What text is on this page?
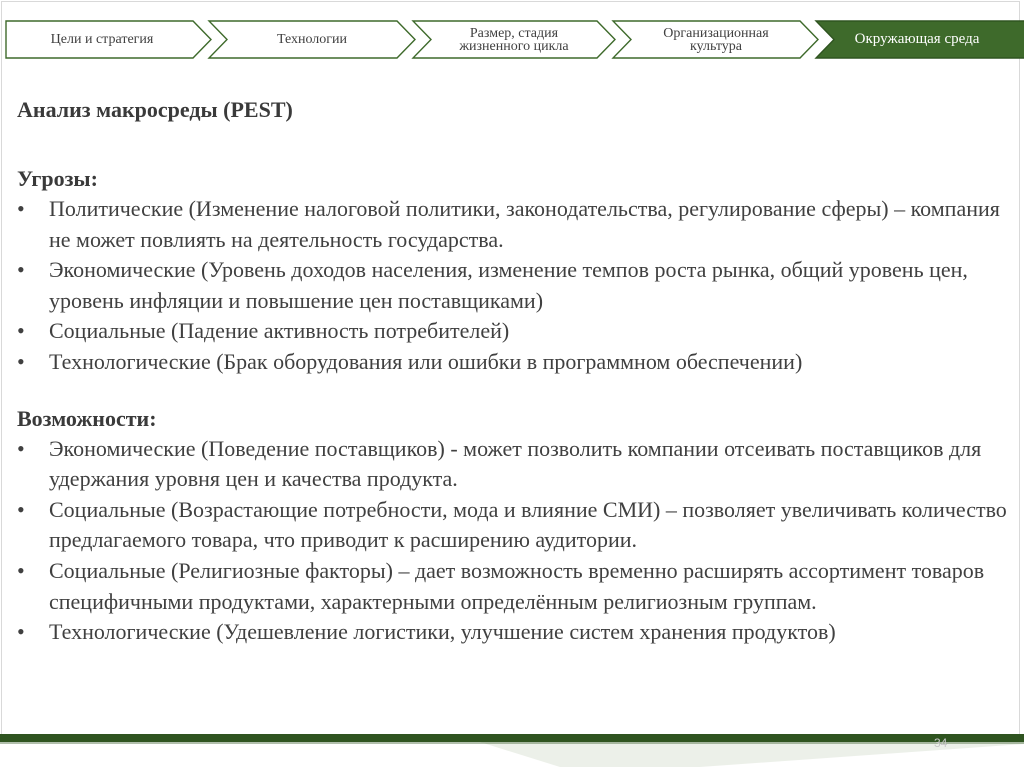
Цели и стратегия	Технологии	Размер, стадия
жизненного цикла
Организационная
культура	Окружающая среда
Анализ макросреды (PEST)
Угрозы:
•	Политические (Изменение налоговой политики, законодательства, регулирование сферы) – компания не может повлиять на деятельность государства.
•	Экономические (Уровень доходов населения, изменение темпов роста рынка, общий уровень цен, уровень инфляции и повышение цен поставщиками)
•	Социальные (Падение активность потребителей)
•	Технологические (Брак оборудования или ошибки в программном обеспечении)
Возможности:
•	Экономические (Поведение поставщиков) - может позволить компании отсеивать поставщиков для удержания уровня цен и качества продукта.
•	Социальные (Возрастающие потребности, мода и влияние СМИ) – позволяет увеличивать количество предлагаемого товара, что приводит к расширению аудитории.
•	Социальные (Религиозные факторы) – дает возможность временно расширять ассортимент товаров специфичными продуктами, характерными определённым религиозным группам.
•	Технологические (Удешевление логистики, улучшение систем хранения продуктов)
34
